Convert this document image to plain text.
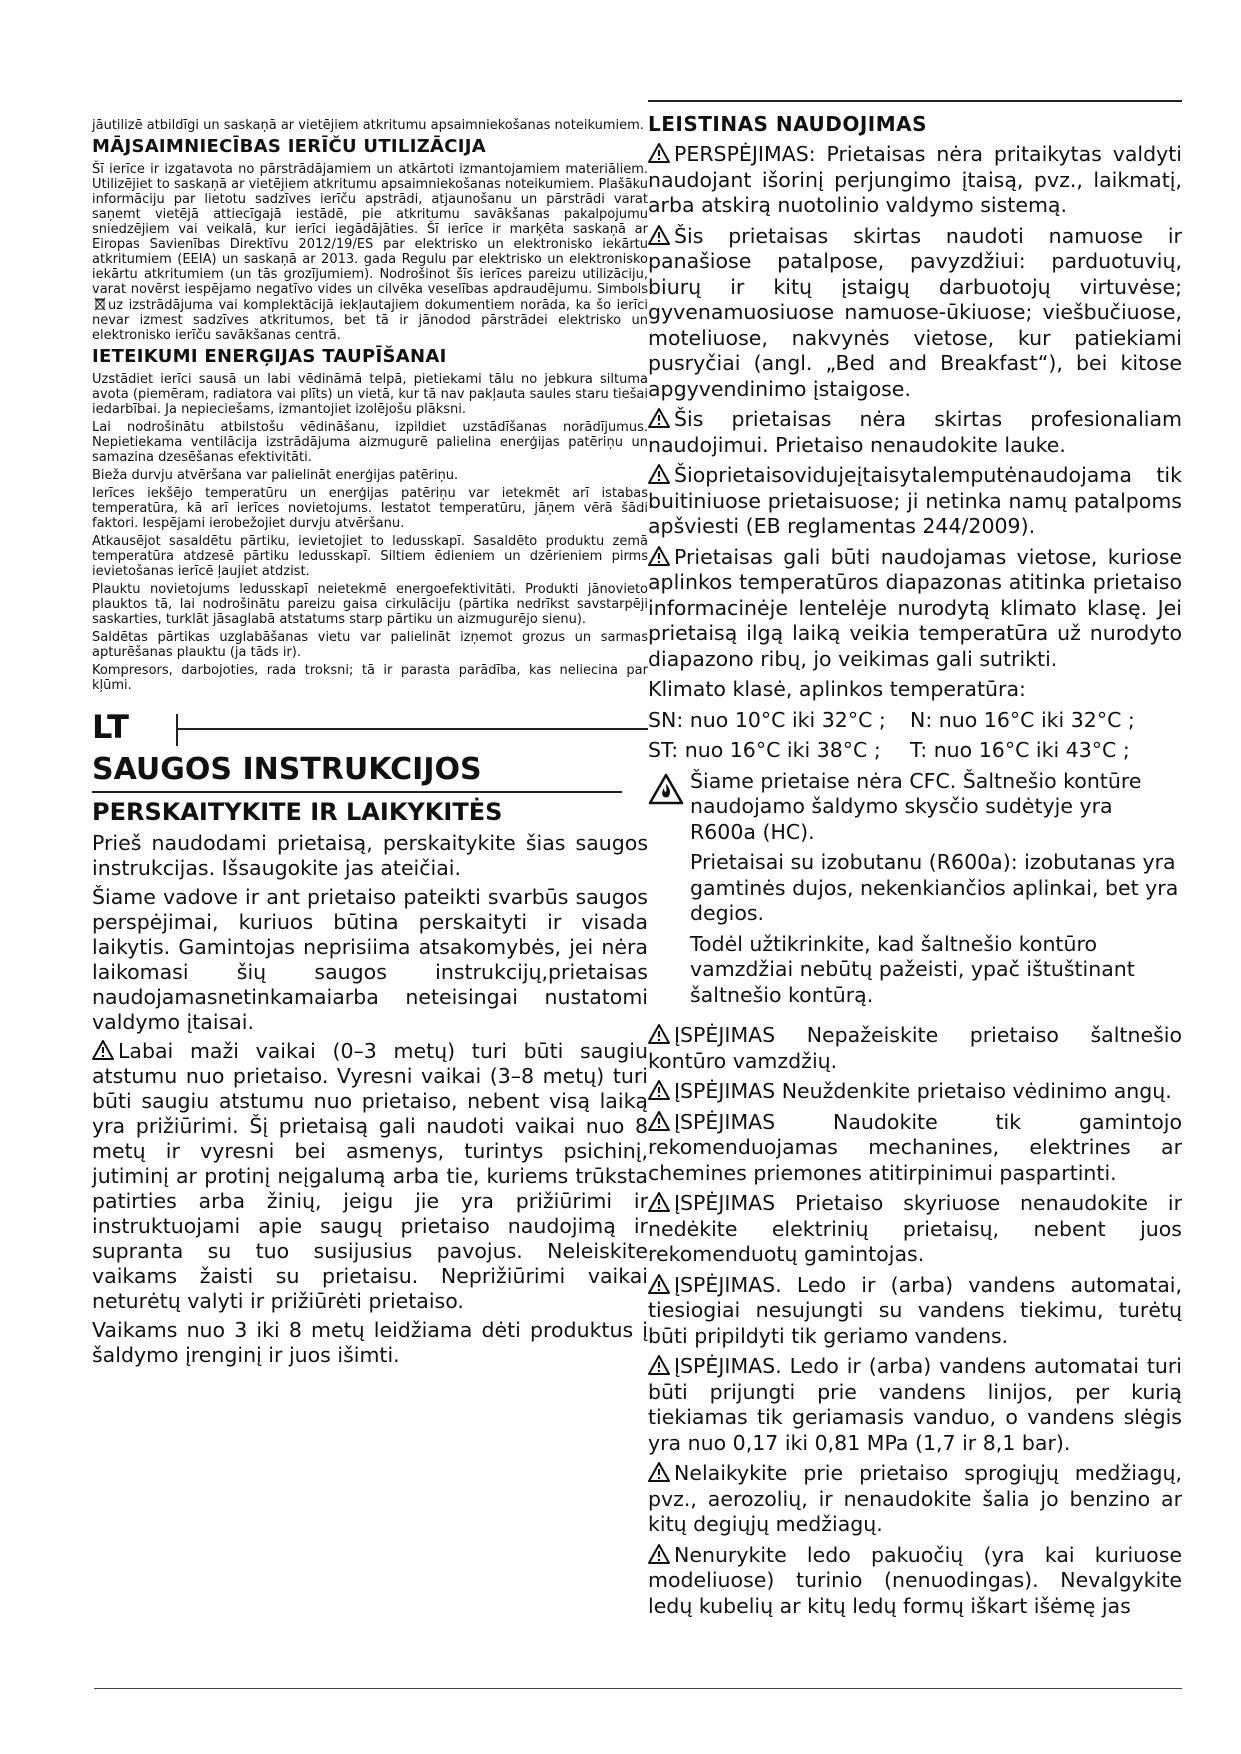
jāutilizē atbildīgi un saskaņā ar vietējiem atkritumu apsaimniekošanas noteikumiem.

MĀJSAIMNIECĪBAS IERĪČU UTILIZĀCIJA

Šī ierīce ir izgatavota no pārstrādājamiem un atkārtoti izmantojamiem materiāliem. Utilizējiet to saskaņā ar vietējiem atkritumu apsaimniekošanas noteikumiem. Plašāku informāciju par lietotu sadzīves ierīču apstrādi, atjaunošanu un pārstrādi varat saņemt vietējā attiecīgajā iestādē, pie atkritumu savākšanas pakalpojumu sniedzējiem vai veikalā, kur ierīci iegādājāties. Šī ierīce ir marķēta saskaņā ar Eiropas Savienības Direktīvu 2012/19/ES par elektrisko un elektronisko iekārtu atkritumiem (EEIA) un saskaņā ar 2013. gada Regulu par elektrisko un elektronisko iekārtu atkritumiem (un tās grozījumiem). Nodrošinot šīs ierīces pareizu utilizāciju, varat novērst iespējamo negatīvo vides un cilvēka veselības apdraudējumu. Simbolsuz izstrādājuma vai komplektācijā iekļautajiem dokumentiem norāda, ka šo ierīci nevar izmest sadzīves atkritumos, bet tā ir jānodod pārstrādei elektrisko un elektronisko ierīču savākšanas centrā.

IETEIKUMI ENERĢIJAS TAUPĪŠANAI

Uzstādiet ierīci sausā un labi vēdināmā telpā, pietiekami tālu no jebkura siltuma avota (piemēram, radiatora vai plīts) un vietā, kur tā nav pakļauta saules staru tiešai iedarbībai. Ja nepieciešams, izmantojiet izolējošu plāksni.

Lai nodrošinātu atbilstošu vēdināšanu, izpildiet uzstādīšanas norādījumus. Nepietiekama ventilācija izstrādājuma aizmugurē palielina enerģijas patēriņu un samazina dzesēšanas efektivitāti.

Bieža durvju atvēršana var palielināt enerģijas patēriņu.

Ierīces iekšējo temperatūru un enerģijas patēriņu var ietekmēt arī istabas temperatūra, kā arī ierīces novietojums. Iestatot temperatūru, jāņem vērā šādi faktori. Iespējami ierobežojiet durvju atvēršanu.

Atkausējot sasaldētu pārtiku, ievietojiet to ledusskapī. Sasaldēto produktu zemā temperatūra atdzesē pārtiku ledusskapī. Siltiem ēdieniem un dzērieniem pirms ievietošanas ierīcē ļaujiet atdzist.

Plauktu novietojums ledusskapī neietekmē energoefektivitāti. Produkti jānovieto plauktos tā, lai nodrošinātu pareizu gaisa cirkulāciju (pārtika nedrīkst savstarpēji saskarties, turklāt jāsaglabā atstatums starp pārtiku un aizmugurējo sienu).

Saldētas pārtikas uzglabāšanas vietu var palielināt izņemot grozus un sarmas apturēšanas plauktu (ja tāds ir).

Kompresors, darbojoties, rada troksni; tā ir parasta parādība, kas neliecina par kļūmi.

LT
SAUGOS INSTRUKCIJOS
PERSKAITYKITE IR LAIKYKITĖS

Prieš naudodami prietaisą, perskaitykite šias saugos instrukcijas. Išsaugokite jas ateičiai.

Šiame vadove ir ant prietaiso pateikti svarbūs saugos perspėjimai, kuriuos būtina perskaityti ir visada laikytis. Gamintojas neprisiima atsakomybės, jei nėra laikomasi šių saugos instrukcijų,prietaisas naudojamasnetinkamaiarba neteisingai nustatomi valdymo įtaisai.

Labai maži vaikai (0–3 metų) turi būti saugiu atstumu nuo prietaiso. Vyresni vaikai (3–8 metų) turi būti saugiu atstumu nuo prietaiso, nebent visą laiką yra prižiūrimi. Šį prietaisą gali naudoti vaikai nuo 8 metų ir vyresni bei asmenys, turintys psichinį, jutiminį ar protinį neįgalumą arba tie, kuriems trūksta patirties arba žinių, jeigu jie yra prižiūrimi ir instruktuojami apie saugų prietaiso naudojimą ir supranta su tuo susijusius pavojus. Neleiskite vaikams žaisti su prietaisu. Neprižiūrimi vaikai neturėtų valyti ir prižiūrėti prietaiso.

Vaikams nuo 3 iki 8 metų leidžiama dėti produktus į šaldymo įrenginį ir juos išimti.

LEISTINAS NAUDOJIMAS

PERSPĖJIMAS: Prietaisas nėra pritaikytas valdyti naudojant išorinį perjungimo įtaisą, pvz., laikmatį, arba atskirą nuotolinio valdymo sistemą.

Šis prietaisas skirtas naudoti namuose ir panašiose patalpose, pavyzdžiui: parduotuvių, biurų ir kitų įstaigų darbuotojų virtuvėse; gyvenamuosiuose namuose-ūkiuose; viešbučiuose, moteliuose, nakvynės vietose, kur patiekiami pusryčiai (angl. „Bed and Breakfast“), bei kitose apgyvendinimo įstaigose.

Šis prietaisas nėra skirtas profesionaliam naudojimui. Prietaiso nenaudokite lauke.

Šioprietaisovidujeįtaisytalemputėnaudojama tik buitiniuose prietaisuose; ji netinka namų patalpoms apšviesti (EB reglamentas 244/2009).

Prietaisas gali būti naudojamas vietose, kuriose aplinkos temperatūros diapazonas atitinka prietaiso informacinėje lentelėje nurodytą klimato klasę. Jei prietaisą ilgą laiką veikia temperatūra už nurodyto diapazono ribų, jo veikimas gali sutrikti.

Klimato klasė, aplinkos temperatūra:

SN: nuo 10°C iki 32°C ;	N: nuo 16°C iki 32°C ;

ST: nuo 16°C iki 38°C ;	T: nuo 16°C iki 43°C ;

Šiame prietaise nėra CFC. Šaltnešio kontūre naudojamo šaldymo skysčio sudėtyje yra R600a (HC).

Prietaisai su izobutanu (R600a): izobutanas yra gamtinės dujos, nekenkiančios aplinkai, bet yra degios.

Todėl užtikrinkite, kad šaltnešio kontūro vamzdžiai nebūtų pažeisti, ypač ištuštinant šaltnešio kontūrą.

ĮSPĖJIMAS Nepažeiskite prietaiso šaltnešio kontūro vamzdžių.

ĮSPĖJIMAS Neuždenkite prietaiso vėdinimo angų.

ĮSPĖJIMAS Naudokite tik gamintojo rekomenduojamas mechanines, elektrines ar chemines priemones atitirpinimui paspartinti.

ĮSPĖJIMAS Prietaiso skyriuose nenaudokite ir nedėkite elektrinių prietaisų, nebent juos rekomenduotų gamintojas.

ĮSPĖJIMAS. Ledo ir (arba) vandens automatai, tiesiogiai nesujungti su vandens tiekimu, turėtų būti pripildyti tik geriamo vandens.

ĮSPĖJIMAS. Ledo ir (arba) vandens automatai turi būti prijungti prie vandens linijos, per kurią tiekiamas tik geriamasis vanduo, o vandens slėgis yra nuo 0,17 iki 0,81 MPa (1,7 ir 8,1 bar).

Nelaikykite prie prietaiso sprogiųjų medžiagų, pvz., aerozolių, ir nenaudokite šalia jo benzino ar kitų degiųjų medžiagų.

Nenurykite ledo pakuočių (yra kai kuriuose modeliuose) turinio (nenuodingas). Nevalgykite ledų kubelių ar kitų ledų formų iškart išėmę jas
